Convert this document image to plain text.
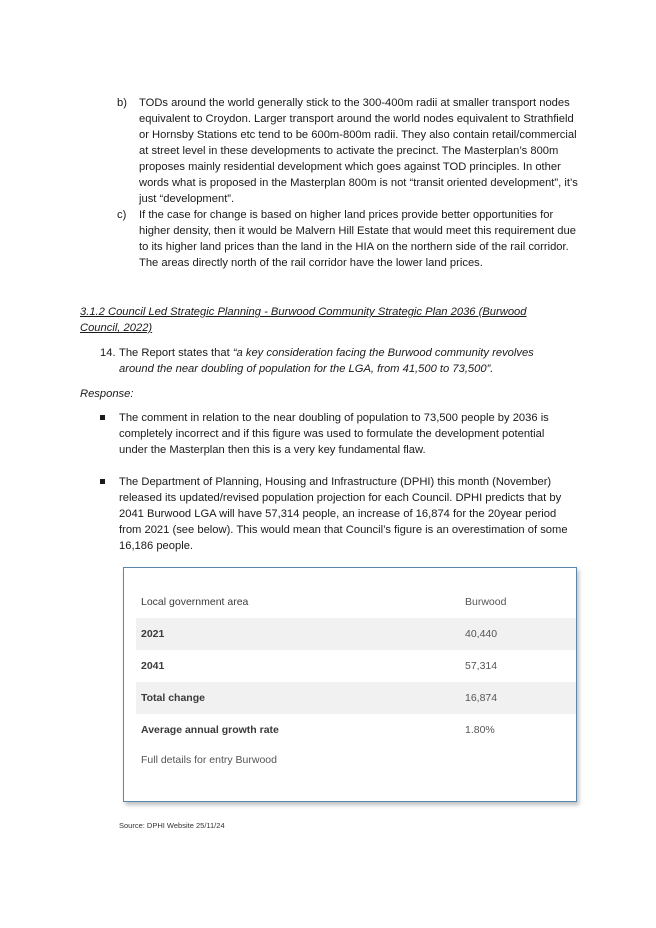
b)	TODs around the world generally stick to the 300-400m radii at smaller transport nodes equivalent to Croydon. Larger transport around the world nodes equivalent to Strathfield or Hornsby Stations etc tend to be 600m-800m radii. They also contain retail/commercial at street level in these developments to activate the precinct. The Masterplan’s 800m proposes mainly residential development which goes against TOD principles. In other words what is proposed in the Masterplan 800m is not “transit oriented development”, it’s just “development”.
c)	If the case for change is based on higher land prices provide better opportunities for higher density, then it would be Malvern Hill Estate that would meet this requirement due to its higher land prices than the land in the HIA on the northern side of the rail corridor. The areas directly north of the rail corridor have the lower land prices.
3.1.2 Council Led Strategic Planning - Burwood Community Strategic Plan 2036 (Burwood Council, 2022)
14. The Report states that “a key consideration facing the Burwood community revolves around the near doubling of population for the LGA, from 41,500 to 73,500”.
Response:
The comment in relation to the near doubling of population to 73,500 people by 2036 is completely incorrect and if this figure was used to formulate the development potential under the Masterplan then this is a very key fundamental flaw.
The Department of Planning, Housing and Infrastructure (DPHI) this month (November) released its updated/revised population projection for each Council. DPHI predicts that by 2041 Burwood LGA will have 57,314 people, an increase of 16,874 for the 20year period from 2021 (see below). This would mean that Council’s figure is an overestimation of some 16,186 people.
Local government area	Burwood
2021	40,440
2041	57,314
Total change	16,874
Average annual growth rate	1.80%
Full details for entry Burwood
Source: DPHI Website 25/11/24
